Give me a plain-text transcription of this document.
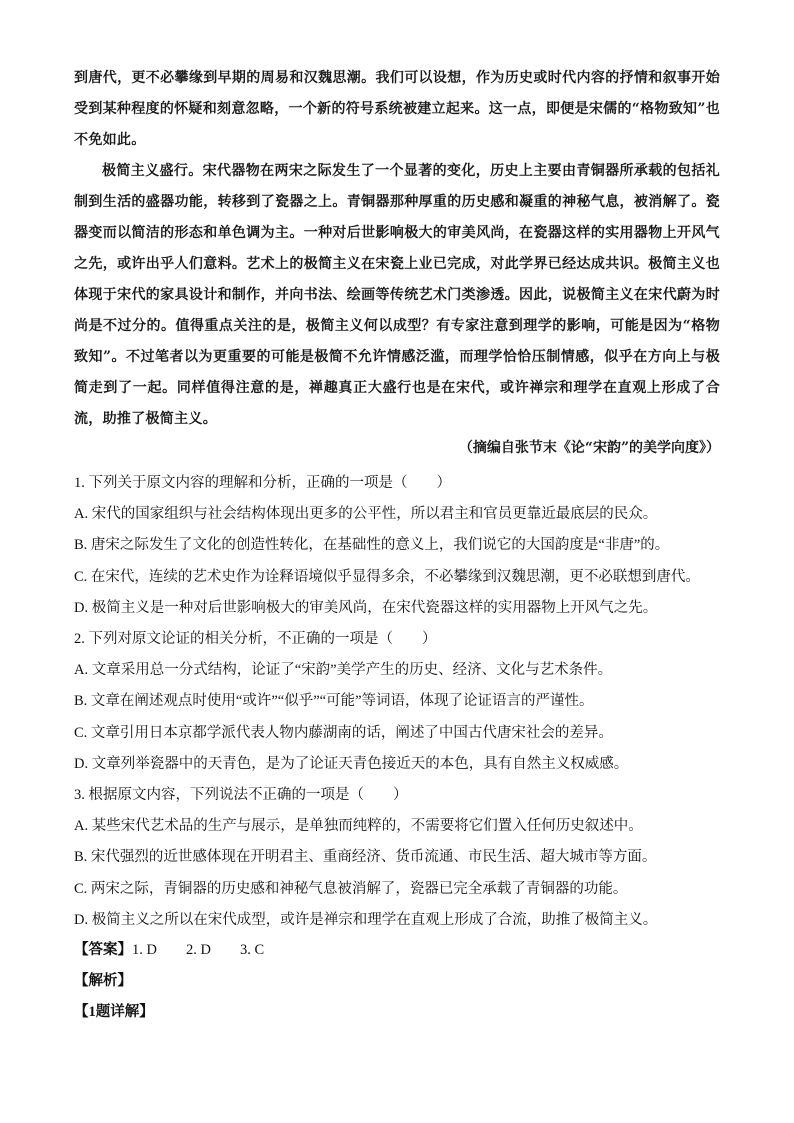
到唐代，更不必攀缘到早期的周易和汉魏思潮。我们可以设想，作为历史或时代内容的抒情和叙事开始受到某种程度的怀疑和刻意忽略，一个新的符号系统被建立起来。这一点，即便是宋儒的“格物致知”也不免如此。

极简主义盛行。宋代器物在两宋之际发生了一个显著的变化，历史上主要由青铜器所承载的包括礼制到生活的盛器功能，转移到了瓷器之上。青铜器那种厚重的历史感和凝重的神秘气息，被消解了。瓷器变而以简洁的形态和单色调为主。一种对后世影响极大的审美风尚，在瓷器这样的实用器物上开风气之先，或许出乎人们意料。艺术上的极简主义在宋瓷上业已完成，对此学界已经达成共识。极简主义也体现于宋代的家具设计和制作，并向书法、绘画等传统艺术门类渗透。因此，说极简主义在宋代蔚为时尚是不过分的。值得重点关注的是，极简主义何以成型？有专家注意到理学的影响，可能是因为“格物致知”。不过笔者以为更重要的可能是极简不允许情感泛滥，而理学恰恰压制情感，似乎在方向上与极简走到了一起。同样值得注意的是，禅趣真正大盛行也是在宋代，或许禅宗和理学在直观上形成了合流，助推了极简主义。

（摘编自张节末《论“宋韵”的美学向度》）

1. 下列关于原文内容的理解和分析，正确的一项是（　　）

A. 宋代的国家组织与社会结构体现出更多的公平性，所以君主和官员更靠近最底层的民众。

B. 唐宋之际发生了文化的创造性转化，在基础性的意义上，我们说它的大国韵度是“非唐”的。

C. 在宋代，连续的艺术史作为诠释语境似乎显得多余，不必攀缘到汉魏思潮，更不必联想到唐代。

D. 极简主义是一种对后世影响极大的审美风尚，在宋代瓷器这样的实用器物上开风气之先。

2. 下列对原文论证的相关分析，不正确的一项是（　　）

A. 文章采用总一分式结构，论证了“宋韵”美学产生的历史、经济、文化与艺术条件。

B. 文章在阐述观点时使用“或许”“似乎”“可能”等词语，体现了论证语言的严谨性。

C. 文章引用日本京都学派代表人物内藤湖南的话，阐述了中国古代唐宋社会的差异。

D. 文章列举瓷器中的天青色，是为了论证天青色接近天的本色，具有自然主义权威感。

3. 根据原文内容，下列说法不正确的一项是（　　）

A. 某些宋代艺术品的生产与展示，是单独而纯粹的，不需要将它们置入任何历史叙述中。

B. 宋代强烈的近世感体现在开明君主、重商经济、货币流通、市民生活、超大城市等方面。

C. 两宋之际，青铜器的历史感和神秘气息被消解了，瓷器已完全承载了青铜器的功能。

D. 极简主义之所以在宋代成型，或许是禅宗和理学在直观上形成了合流，助推了极简主义。

【答案】1. D 2. D 3. C
【解析】
【1题详解】
